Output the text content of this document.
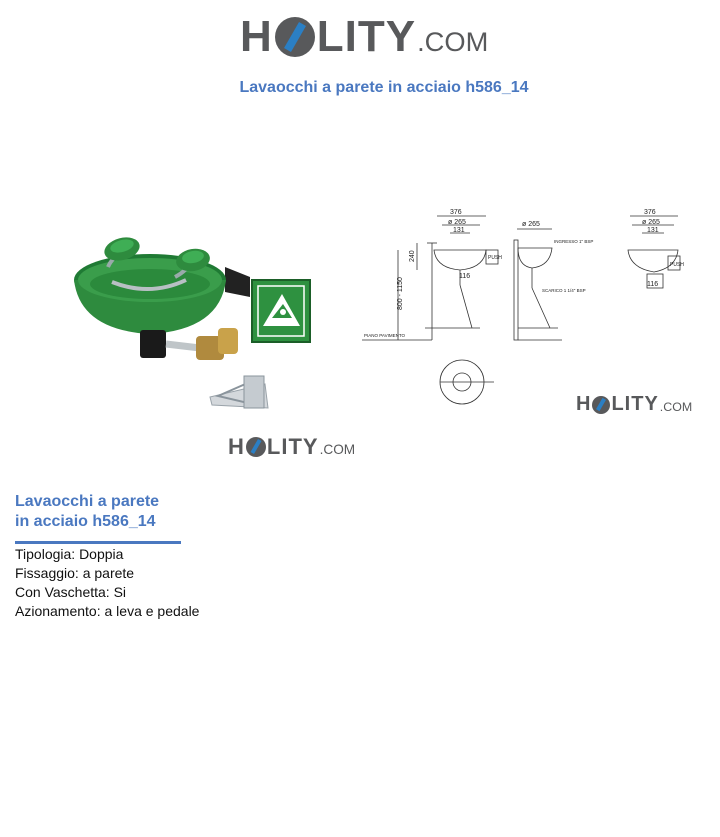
H LITY .COM
Lavaocchi a parete in acciaio h586_14
H LITY .COM
376
ø 265
131
240
800 - 1150
116
PUSH
PIANO PAVIMENTO
ø 265
INGRESSO 1" BSP
SCARICO 1 1/4" BSP
376
ø 265
131
PUSH
116
H LITY .COM
Lavaocchi a parete
in acciaio h586_14
Tipologia: Doppia
Fissaggio: a parete
Con Vaschetta: Si
Azionamento: a leva e pedale
